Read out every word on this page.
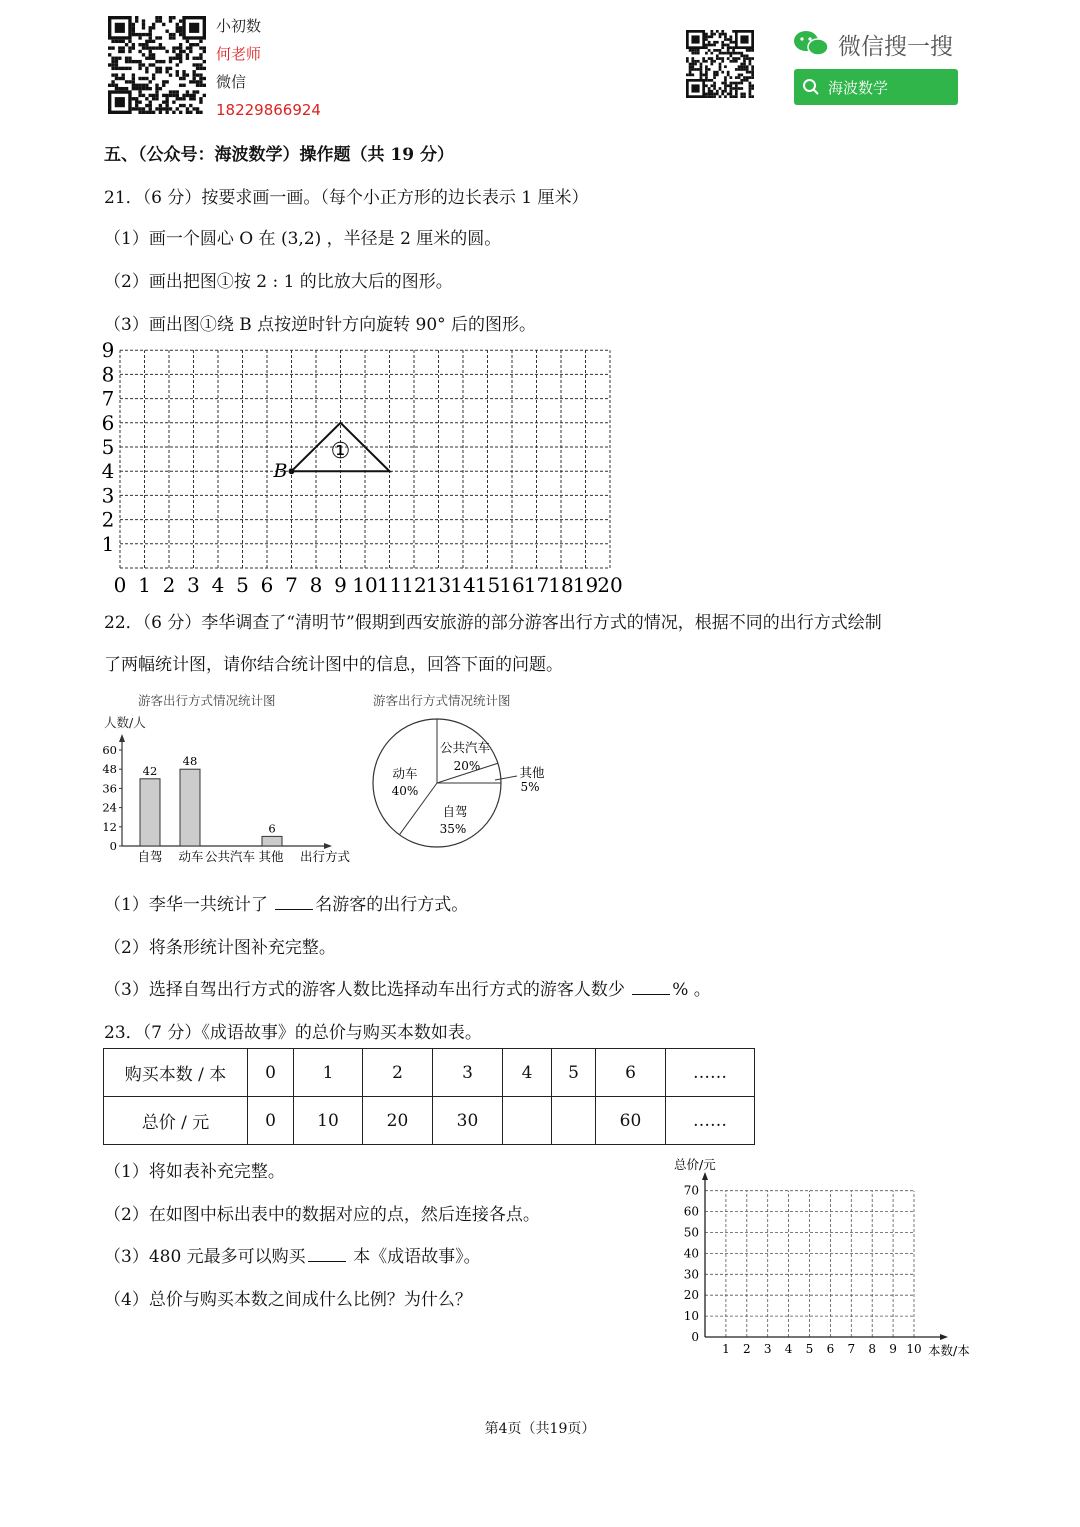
小初数
何老师
微信
18229866924
微信搜一搜
海波数学
五、（公众号：海波数学）操作题（共 19 分）
21．（6 分）按要求画一画。（每个小正方形的边长表示 1 厘米）
（1）画一个圆心 O 在 (3,2) ，半径是 2 厘米的圆。
（2）画出把图①按 2 : 1 的比放大后的图形。
（3）画出图①绕 B 点按逆时针方向旋转 90° 后的图形。
0 1 2 3 4 5 6 7 8 9 10 11 12 13 14 15 16 17 18 19 20
1
2
3
4
5
6
7
8
9
B
①
22．（6 分）李华调查了“清明节”假期到西安旅游的部分游客出行方式的情况，根据不同的出行方式绘制
了两幅统计图，请你结合统计图中的信息，回答下面的问题。
游客出行方式情况统计图
人数/人
0
12
24
36
48
60
42
48
6
自驾 动车 公共汽车 其他 出行方式
游客出行方式情况统计图
公共汽车
20%	其他
5%
自驾
35%
动车
40%
（1）李华一共统计了	名游客的出行方式。
（2）将条形统计图补充完整。
（3）选择自驾出行方式的游客人数比选择动车出行方式的游客人数少	% 。
23．（7 分）《成语故事》的总价与购买本数如表。
购买本数 / 本	0	1	2	3	4	5	6	……
总价 / 元	0	10	20	30			60	……
（1）将如表补充完整。
（2）在如图中标出表中的数据对应的点，然后连接各点。
（3）480 元最多可以购买	本《成语故事》。
（4）总价与购买本数之间成什么比例？为什么？
总价/元
0
10
20
30
40
50
60
70
1 2 3 4 5 6 7 8 9 10 本数/本
第4页（共19页）
